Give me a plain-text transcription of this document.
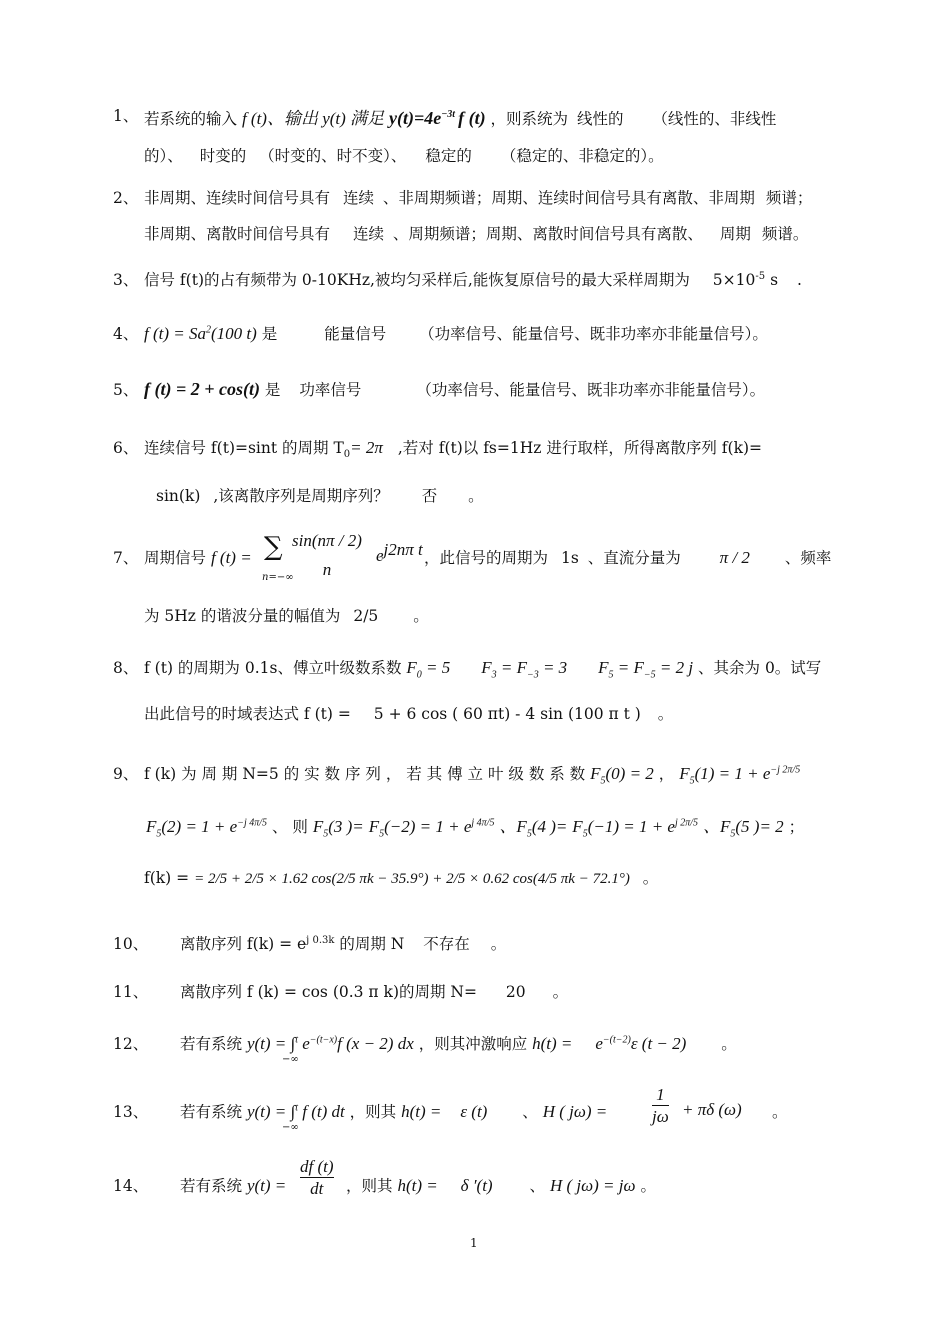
1、 若系统的输入 f (t)、输出 y(t) 满足 $y(t)=4e^{-3t}$ f (t) ，则系统为 线性的 （线性的、非线性
的）、 时变的 （时变的、时不变）、 稳定的 （稳定的、非稳定的）。
2、 非周期、连续时间信号具有 连续 、非周期频谱；周期、连续时间信号具有离散、非周期 频谱；
非周期、离散时间信号具有 连续 、周期频谱；周期、离散时间信号具有离散、 周期 频谱。
3、 信号 f(t)的占有频带为 0-10KHz,被均匀采样后,能恢复原信号的最大采样周期为 $5\times 10^{-5}$ s .
4、 f $(t) = Sa^2(100$ t) 是	能量信号 （功率信号、能量信号、既非功率亦非能量信号）。
5、 f (t) = 2 + cos(t) 是 功率信号	（功率信号、能量信号、既非功率亦非能量信号）。
6、 连续信号 f(t)=sint 的周期 $T_0= 2\pi$ ,若对 f(t)以 fs=1Hz 进行取样，所得离散序列 f(k)=
sin(k) ,该离散序列是周期序列？ 否 。
7、 周期信号 f (t) = ∑
n=−∞
sin(nπ / 2)
n
$e^{j2n\pi t}$ ，此信号的周期为 1s 、直流分量为 π / 2 、频率
为 5Hz 的谐波分量的幅值为 2/5 。
8、 f (t) 的周期为 0.1s、傅立叶级数系数 $F_0 = 5$ $F_3 = F_{-3} = 3$ $F_5 = F_{-5} = 2$ j 、其余为 0。试写
出此信号的时域表达式 f (t) = 5 + 6 cos ( 60 πt) - 4 sin (100 π t ) 。
9、 f (k) 为 周 期 N=5 的 实 数 序 列 ， 若 其 傅 立 叶 级 数 系 数 $F_5(0) = 2$ ， $F_5(1) = 1 + e^{-j 2\pi/5}$
$F_5(2) = 1 + e^{-j 4\pi/5}$ 、 则 $F_5(3$ )= $F_5(-2) = 1 + e^{j 4\pi/5}$ 、$F_5(4$ )= $F_5(-1) = 1 + e^{j 2\pi/5}$ 、$F_5(5$ )= 2 ；
f(k) = = 2/5 + 2/5 × 1.62 cos(2/5 πk − 35.9°) + 2/5 × 0.62 cos(4/5 πk − 72.1°) 。
10、 离散序列 $f(k) = e^{j 0.3k}$ 的周期 N 不存在 。
11、 离散序列 f (k) = cos (0.3 π k)的周期 N= 20 。
12、 若有系统 y(t) = ∫$^t$ $e^{-(t-x)}f$ (x − 2) dx ，则其冲激响应 $h(t) = e^{-(t-2)}\varepsilon$ (t − 2) 。
−∞
13、 若有系统 y(t) = ∫$^t$ f (t) dt ，则其 h(t) = ε (t) 、 H ( jω) =
−∞	$\frac{1}{j\omega} + \pi\delta$ (ω) 。
14、 若有系统 $y(t) = \frac{df (t)}{dt}$ ，则其 h(t) = δ ′(t) 、 H ( jω) = jω 。
1
